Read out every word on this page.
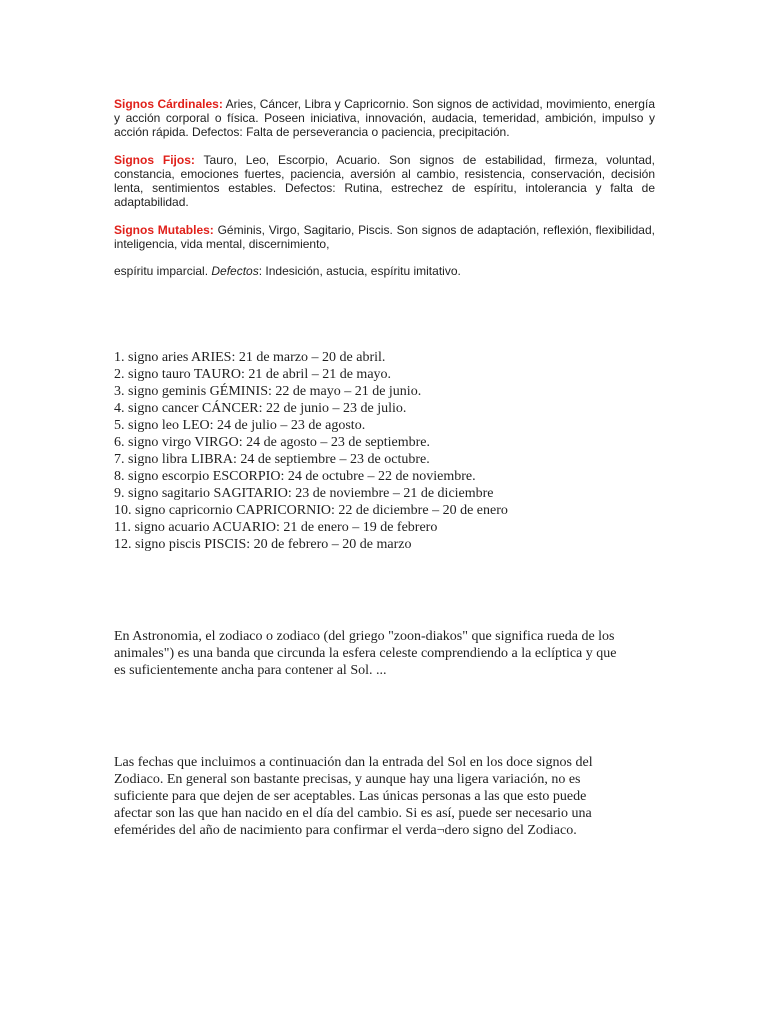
Signos Cárdinales: Aries, Cáncer, Libra y Capricornio. Son signos de actividad, movimiento, energía y acción corporal o física. Poseen iniciativa, innovación, audacia, temeridad, ambición, impulso y acción rápida. Defectos: Falta de perseverancia o paciencia, precipitación.
Signos Fijos: Tauro, Leo, Escorpio, Acuario. Son signos de estabilidad, firmeza, voluntad, constancia, emociones fuertes, paciencia, aversión al cambio, resistencia, conservación, decisión lenta, sentimientos estables. Defectos: Rutina, estrechez de espíritu, intolerancia y falta de adaptabilidad.
Signos Mutables: Géminis, Virgo, Sagitario, Piscis. Son signos de adaptación, reflexión, flexibilidad, inteligencia, vida mental, discernimiento,
espíritu imparcial. Defectos: Indesición, astucia, espíritu imitativo.
1. signo aries ARIES: 21 de marzo – 20 de abril.
2. signo tauro TAURO: 21 de abril – 21 de mayo.
3. signo geminis GÉMINIS: 22 de mayo – 21 de junio.
4. signo cancer CÁNCER: 22 de junio – 23 de julio.
5. signo leo LEO: 24 de julio – 23 de agosto.
6. signo virgo VIRGO: 24 de agosto – 23 de septiembre.
7. signo libra LIBRA: 24 de septiembre – 23 de octubre.
8. signo escorpio ESCORPIO: 24 de octubre – 22 de noviembre.
9. signo sagitario SAGITARIO: 23 de noviembre – 21 de diciembre
10. signo capricornio CAPRICORNIO: 22 de diciembre – 20 de enero
11. signo acuario ACUARIO: 21 de enero – 19 de febrero
12. signo piscis PISCIS: 20 de febrero – 20 de marzo
En Astronomia, el zodiaco o zodiaco (del griego "zoon-diakos" que significa rueda de los
animales") es una banda que circunda la esfera celeste comprendiendo a la eclíptica y que
es suficientemente ancha para contener al Sol. ...
Las fechas que incluimos a continuación dan la entrada del Sol en los doce signos del
Zodiaco. En general son bastante precisas, y aunque hay una ligera variación, no es
suficiente para que dejen de ser aceptables. Las únicas personas a las que esto puede
afectar son las que han nacido en el día del cambio. Si es así, puede ser necesario una
efemérides del año de nacimiento para confirmar el verda¬dero signo del Zodiaco.
